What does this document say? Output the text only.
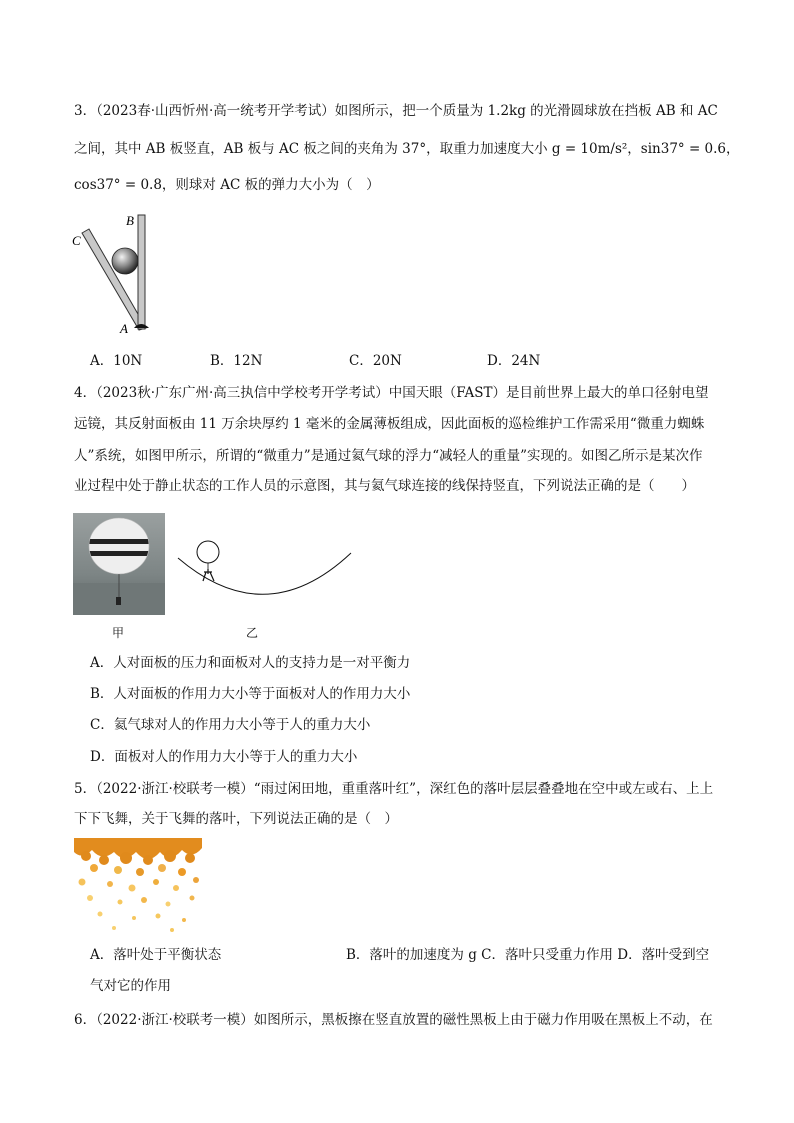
3．（2023春·山西忻州·高一统考开学考试）如图所示，把一个质量为 1.2kg 的光滑圆球放在挡板 AB 和 AC
之间，其中 AB 板竖直，AB 板与 AC 板之间的夹角为 37°，取重力加速度大小 g = 10m/s²，sin37° = 0.6，
cos37° = 0.8，则球对 AC 板的弹力大小为（　）
B
C
A
A．10N	B．12N	C．20N	D．24N
4．（2023秋·广东广州·高三执信中学校考开学考试）中国天眼（FAST）是目前世界上最大的单口径射电望
远镜，其反射面板由 11 万余块厚约 1 毫米的金属薄板组成，因此面板的巡检维护工作需采用“微重力蜘蛛
人”系统，如图甲所示，所谓的“微重力”是通过氦气球的浮力“减轻人的重量”实现的。如图乙所示是某次作
业过程中处于静止状态的工作人员的示意图，其与氦气球连接的线保持竖直，下列说法正确的是（　　）
甲	乙
A．人对面板的压力和面板对人的支持力是一对平衡力
B．人对面板的作用力大小等于面板对人的作用力大小
C．氦气球对人的作用力大小等于人的重力大小
D．面板对人的作用力大小等于人的重力大小
5．（2022·浙江·校联考一模）“雨过闲田地，重重落叶红”，深红色的落叶层层叠叠地在空中或左或右、上上
下下飞舞，关于飞舞的落叶，下列说法正确的是（　）
A．落叶处于平衡状态	B．落叶的加速度为 g C．落叶只受重力作用 D．落叶受到空
气对它的作用
6．（2022·浙江·校联考一模）如图所示，黑板擦在竖直放置的磁性黑板上由于磁力作用吸在黑板上不动，在
